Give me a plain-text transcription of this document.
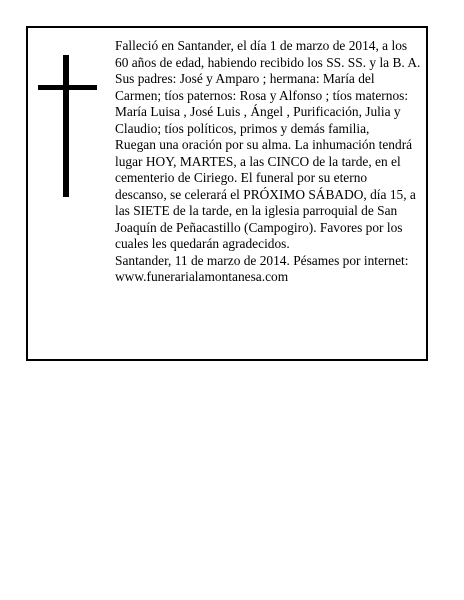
Falleció en Santander, el día 1 de marzo de 2014, a los 60 años de edad, habiendo recibido los SS. SS. y la B. A.

Sus padres: José y Amparo ; hermana: María del Carmen; tíos paternos: Rosa y Alfonso ; tíos maternos: María Luisa , José Luis , Ángel , Purificación, Julia y Claudio; tíos políticos, primos y demás familia,

Ruegan una oración por su alma. La inhumación tendrá lugar HOY, MARTES, a las CINCO de la tarde, en el cementerio de Ciriego. El funeral por su eterno descanso, se celerará el PRÓXIMO SÁBADO, día 15, a las SIETE de la tarde, en la iglesia parroquial de San Joaquín de Peñacastillo (Campogiro). Favores por los cuales les quedarán agradecidos.

Santander, 11 de marzo de 2014. Pésames por internet: www.funerarialamontanesa.com
